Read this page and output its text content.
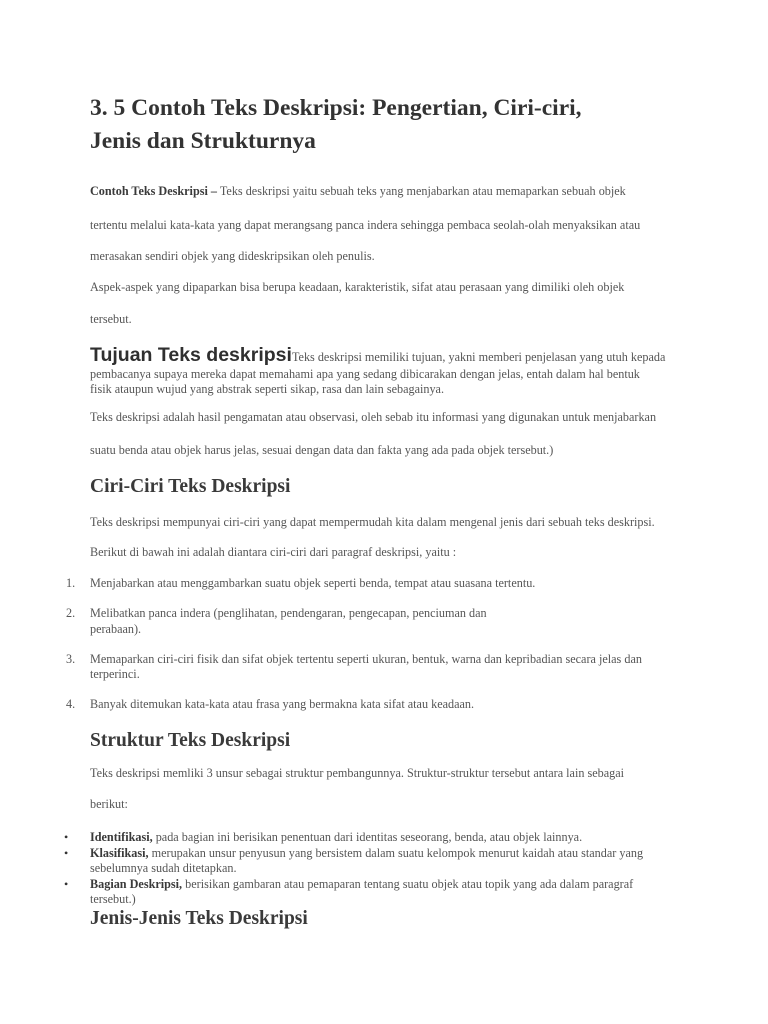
3. 5 Contoh Teks Deskripsi: Pengertian, Ciri-ciri,
Jenis dan Strukturnya

Contoh Teks Deskripsi – Teks deskripsi yaitu sebuah teks yang menjabarkan atau memaparkan sebuah objek

tertentu melalui kata-kata yang dapat merangsang panca indera sehingga pembaca seolah-olah menyaksikan atau

merasakan sendiri objek yang dideskripsikan oleh penulis.

Aspek-aspek yang dipaparkan bisa berupa keadaan, karakteristik, sifat atau perasaan yang dimiliki oleh objek

tersebut.

Tujuan Teks deskripsiTeks deskripsi memiliki tujuan, yakni memberi penjelasan yang utuh kepada
pembacanya supaya mereka dapat memahami apa yang sedang dibicarakan dengan jelas, entah dalam hal bentuk
fisik ataupun wujud yang abstrak seperti sikap, rasa dan lain sebagainya.

Teks deskripsi adalah hasil pengamatan atau observasi, oleh sebab itu informasi yang digunakan untuk menjabarkan

suatu benda atau objek harus jelas, sesuai dengan data dan fakta yang ada pada objek tersebut.)

Ciri-Ciri Teks Deskripsi

Teks deskripsi mempunyai ciri-ciri yang dapat mempermudah kita dalam mengenal jenis dari sebuah teks deskripsi.

Berikut di bawah ini adalah diantara ciri-ciri dari paragraf deskripsi, yaitu :

1. Menjabarkan atau menggambarkan suatu objek seperti benda, tempat atau suasana tertentu.
2. Melibatkan panca indera (penglihatan, pendengaran, pengecapan, penciuman dan
perabaan).
3. Memaparkan ciri-ciri fisik dan sifat objek tertentu seperti ukuran, bentuk, warna dan kepribadian secara jelas dan
terperinci.
4. Banyak ditemukan kata-kata atau frasa yang bermakna kata sifat atau keadaan.
Struktur Teks Deskripsi

Teks deskripsi memliki 3 unsur sebagai struktur pembangunnya. Struktur-struktur tersebut antara lain sebagai

berikut:

• Identifikasi, pada bagian ini berisikan penentuan dari identitas seseorang, benda, atau objek lainnya.
• Klasifikasi, merupakan unsur penyusun yang bersistem dalam suatu kelompok menurut kaidah atau standar yang
sebelumnya sudah ditetapkan.
• Bagian Deskripsi, berisikan gambaran atau pemaparan tentang suatu objek atau topik yang ada dalam paragraf
tersebut.)
Jenis-Jenis Teks Deskripsi
